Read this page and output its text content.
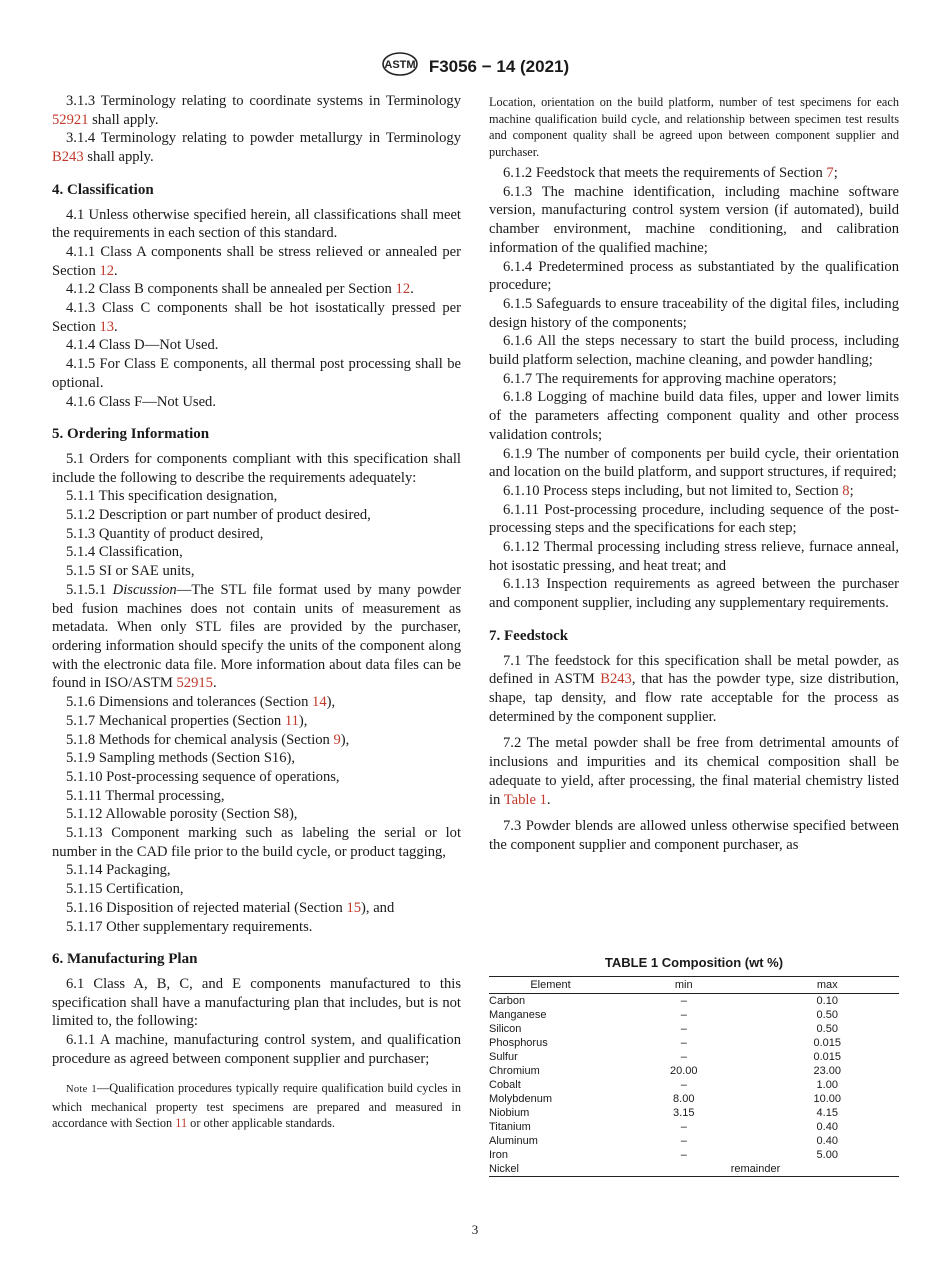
ASTM F3056 − 14 (2021)

3.1.3 Terminology relating to coordinate systems in Terminology 52921 shall apply.

3.1.4 Terminology relating to powder metallurgy in Terminology B243 shall apply.

4. Classification

4.1 Unless otherwise specified herein, all classifications shall meet the requirements in each section of this standard.

4.1.1 Class A components shall be stress relieved or annealed per Section 12.

4.1.2 Class B components shall be annealed per Section 12.

4.1.3 Class C components shall be hot isostatically pressed per Section 13.

4.1.4 Class D—Not Used.

4.1.5 For Class E components, all thermal post processing shall be optional.

4.1.6 Class F—Not Used.

5. Ordering Information

5.1 Orders for components compliant with this specification shall include the following to describe the requirements adequately:

5.1.1 This specification designation,

5.1.2 Description or part number of product desired,

5.1.3 Quantity of product desired,

5.1.4 Classification,

5.1.5 SI or SAE units,

5.1.5.1 Discussion—The STL file format used by many powder bed fusion machines does not contain units of measurement as metadata. When only STL files are provided by the purchaser, ordering information should specify the units of the component along with the electronic data file. More information about data files can be found in ISO/ASTM 52915.

5.1.6 Dimensions and tolerances (Section 14),

5.1.7 Mechanical properties (Section 11),

5.1.8 Methods for chemical analysis (Section 9),

5.1.9 Sampling methods (Section S16),

5.1.10 Post-processing sequence of operations,

5.1.11 Thermal processing,

5.1.12 Allowable porosity (Section S8),

5.1.13 Component marking such as labeling the serial or lot number in the CAD file prior to the build cycle, or product tagging,

5.1.14 Packaging,

5.1.15 Certification,

5.1.16 Disposition of rejected material (Section 15), and

5.1.17 Other supplementary requirements.

6. Manufacturing Plan

6.1 Class A, B, C, and E components manufactured to this specification shall have a manufacturing plan that includes, but is not limited to, the following:

6.1.1 A machine, manufacturing control system, and qualification procedure as agreed between component supplier and purchaser;

Note 1—Qualification procedures typically require qualification build cycles in which mechanical property test specimens are prepared and measured in accordance with Section 11 or other applicable standards.

Location, orientation on the build platform, number of test specimens for each machine qualification build cycle, and relationship between specimen test results and component quality shall be agreed upon between component supplier and purchaser.

6.1.2 Feedstock that meets the requirements of Section 7;

6.1.3 The machine identification, including machine software version, manufacturing control system version (if automated), build chamber environment, machine conditioning, and calibration information of the qualified machine;

6.1.4 Predetermined process as substantiated by the qualification procedure;

6.1.5 Safeguards to ensure traceability of the digital files, including design history of the components;

6.1.6 All the steps necessary to start the build process, including build platform selection, machine cleaning, and powder handling;

6.1.7 The requirements for approving machine operators;

6.1.8 Logging of machine build data files, upper and lower limits of the parameters affecting component quality and other process validation controls;

6.1.9 The number of components per build cycle, their orientation and location on the build platform, and support structures, if required;

6.1.10 Process steps including, but not limited to, Section 8;

6.1.11 Post-processing procedure, including sequence of the post-processing steps and the specifications for each step;

6.1.12 Thermal processing including stress relieve, furnace anneal, hot isostatic pressing, and heat treat; and

6.1.13 Inspection requirements as agreed between the purchaser and component supplier, including any supplementary requirements.

7. Feedstock

7.1 The feedstock for this specification shall be metal powder, as defined in ASTM B243, that has the powder type, size distribution, shape, tap density, and flow rate acceptable for the process as determined by the component supplier.

7.2 The metal powder shall be free from detrimental amounts of inclusions and impurities and its chemical composition shall be adequate to yield, after processing, the final material chemistry listed in Table 1.

7.3 Powder blends are allowed unless otherwise specified between the component supplier and component purchaser, as

TABLE 1 Composition (wt %)
Element	min	max
Carbon	–	0.10
Manganese	–	0.50
Silicon	–	0.50
Phosphorus	–	0.015
Sulfur	–	0.015
Chromium	20.00	23.00
Cobalt	–	1.00
Molybdenum	8.00	10.00
Niobium	3.15	4.15
Titanium	–	0.40
Aluminum	–	0.40
Iron	–	5.00
Nickel	remainder	
3
